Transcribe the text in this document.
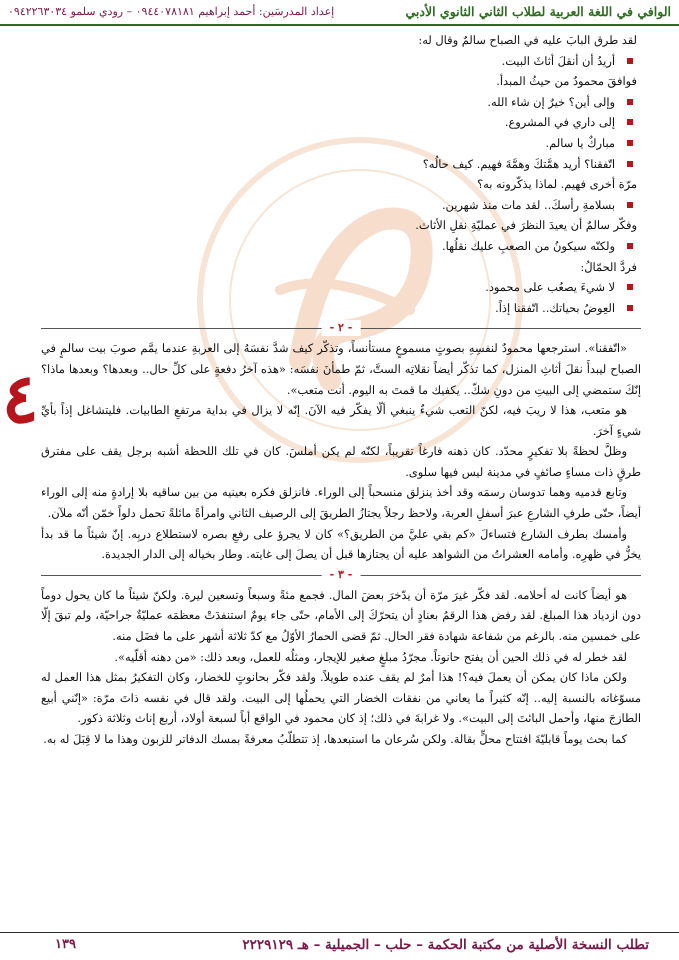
الوافي في اللغة العربية لطلاب الثاني الثانوي الأدبي
إعداد المدرسَين: أحمد إبراهيم ٠٩٤٤٠٧٨١٨١ – رودي سلمو ٠٩٤٢٢٦٣٠٣٤
٤

لقد طرق البابَ عليه في الصباح سالمٌ وقال له:

أريدُ أن أنقلَ أثاثَ البيت.

فوافقَ محمودٌ من حيثُ المبدأ.

وإلى أين؟ خيرٌ إن شاء الله.

إلى داري في المشروع.

مباركٌ يا سالم.

اتّفقنا؟ أريد همَّتكَ وهمَّةَ فهيم. كيف حالُه؟

مرّة أخرى فهيم. لماذا يذكّرونه به؟

بسلامةِ رأسكَ.. لقد مات منذ شهرين.

وفكّر سالمٌ أن يعيدَ النظرَ في عمليّةِ نقلِ الأثاث.

ولكنّه سيكونُ من الصعبِ عليك نقلُها.

فردَّ الحمّالُ:

لا شيءَ يصعُب على محمود.

العِوضُ بحياتك.. اتّفقنا إذاً.

- ٢ -

«اتّفقنا». استرجعها محمودٌ لنفسِهِ بصوتٍ مسموعٍ مستأنساً، وتذكّر كيف شدَّ نفسَهُ إلى العربةِ عندما يمَّم صوبَ بيت سالمٍ في الصباح ليبدأَ نقلَ أثاثِ المنزل، كما تذكّر أيضاً نقلاتِه الستَّ، ثمّ طمأنَ نفسَه: «هذه آخرُ دفعةٍ على كلِّ حال.. وبعدها؟ وبعدها ماذا؟ إنّكَ ستمضي إلى البيتِ من دونِ شكّ.. يكفيك ما قمتَ به اليوم. أنت متعب».

هو متعب، هذا لا ريبَ فيه، لكنّ التعب شيءٌ ينبغي ألّا يفكّر فيه الآنَ. إنّه لا يزال في بداية مرتفعِ الطابيات. فليتشاغل إذاً بأيِّ شيءٍ آخرَ.

وظلَّ لحظةً بلا تفكيرٍ محدّد. كان ذهنه فارغاً تقريباً، لكنّه لم يكن أملسَ. كان في تلك اللحظة أشبه برجل يقف على مفترق طرقٍ ذات مساءٍ صائفٍ في مدينة ليس فيها سلوى.

وتابع قدميه وهما تدوسان رسمَه وقد أخذ ينزلق منسحباً إلى الوراء. فانزلق فكره بعينيه من بين ساقيه بلا إرادةٍ منه إلى الوراء أيضاً، حتّى طرفِ الشارعِ عبرَ أسفلِ العربة، ولاحظ رجلاً يجتازُ الطريقَ إلى الرصيف الثاني وامرأةً مائلةً تحمل دلواً خمّن أنّه ملآن.

وأمسك بطرف الشارع فتساءلَ «كم بقي عليَّ من الطريق؟» كان لا يجرؤ على رفعِ بصره لاستطلاع دربِه. إنّ شيئاً ما قد بدأ يخزُّ في ظهرِه. وأمامه العشراتُ من الشواهد عليه أن يجتازها قبل أن يصلَ إلى غايته. وطار بخياله إلى الدار الجديدة.

- ٣ -

هو أيضاً كانت له أحلامه. لقد فكّر غيرَ مرّة أن يدّخرَ بعضَ المال. فجمع مئةً وسبعاً وتسعين ليرة. ولكنّ شيئاً ما كان يحول دوماً دون ازدياد هذا المبلغ. لقد رفض هذا الرقمُ بعنادٍ أن يتحرّكَ إلى الأمام، حتّى جاء يومٌ استنفدَتْ معظمَه عمليّةٌ جراحيّة، ولم تبقَ إلّا على خمسين منه. بالرغم من شفاعة شهادة فقر الحال. ثمّ قضى الحمارُ الأوّلُ مع كدّ ثلاثة أشهر على ما فضَل منه.

لقد خطر له في ذلك الحين أن يفتح حانوتاً. مجرّدُ مبلغٍ صغير للإيجار، ومثلُه للعمل، وبعد ذلك: «من دهنه أقلّيه».

ولكن ماذا كان يمكن أن يعملَ فيه؟! هذا أمرٌ لم يقف عنده طويلاً. ولقد فكّر بحانوتٍ للخضار، وكان التفكيرُ بمثل هذا العمل له مسوّغاته بالنسبة إليه.. إنّه كثيراً ما يعاني من نفقات الخضار التي يحملُها إلى البيت. ولقد قال في نفسه ذاتَ مرّة: «إنّني أبيع الطازجَ منها، وأحمل البائتَ إلى البيت». ولا غرابةَ في ذلك؛ إذ كان محمود في الواقع أباً لسبعة أولاد، أربع إناث وثلاثة ذكور.

كما بحث يوماً قابليّةَ افتتاح محلٍّ بقالة. ولكن سُرعان ما استبعدها، إذ تتطلّبُ معرفةً بمسك الدفاتر للزبون وهذا ما لا قِبَلَ له به.

تطلب النسخة الأصلية من مكتبة الحكمة – حلب – الجميلية – هـ ٢٢٢٩١٢٩
١٣٩
